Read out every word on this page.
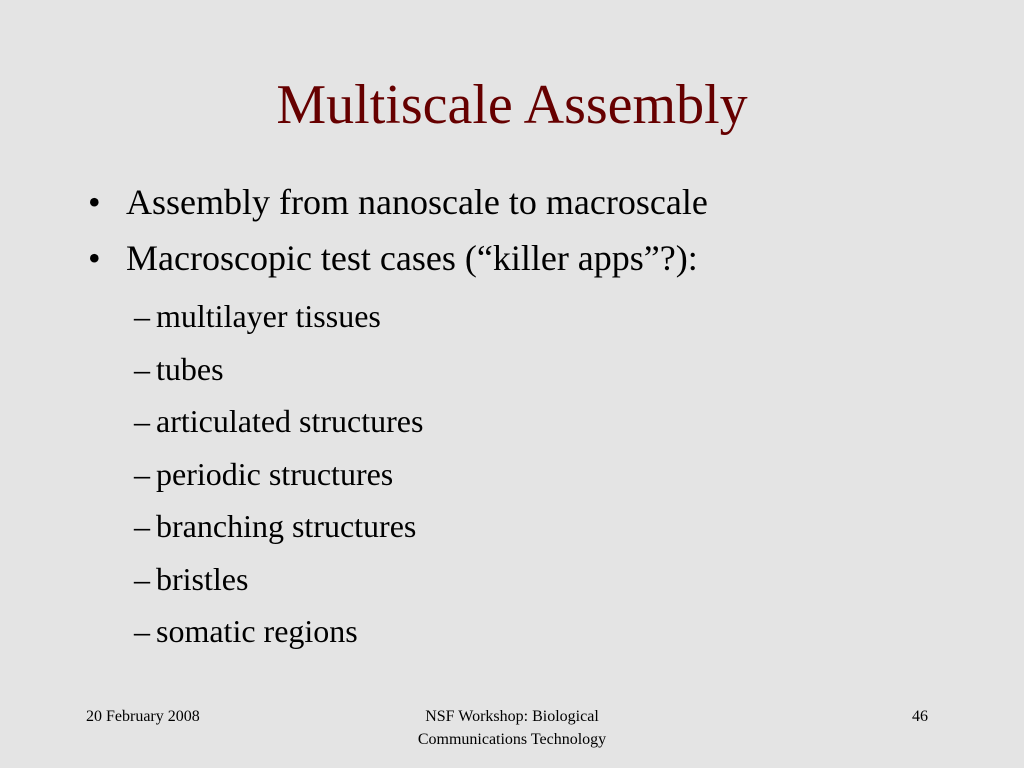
Multiscale Assembly
• Assembly from nanoscale to macroscale
• Macroscopic test cases (“killer apps”?):
– multilayer tissues
– tubes
– articulated structures
– periodic structures
– branching structures
– bristles
– somatic regions
20 February 2008	NSF Workshop: Biological
Communications Technology
46
